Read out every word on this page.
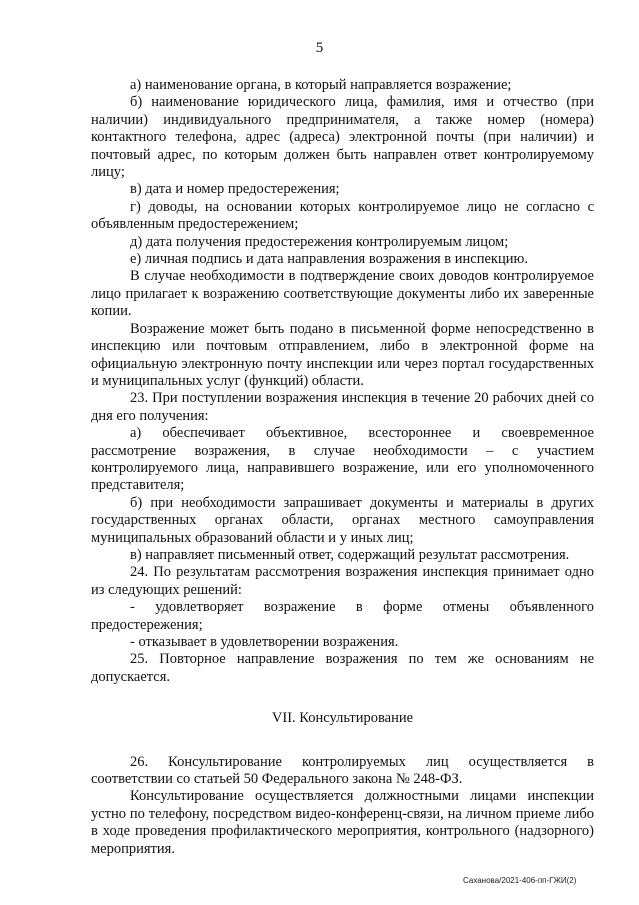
5

а) наименование органа, в который направляется возражение;

б) наименование юридического лица, фамилия, имя и отчество (при наличии) индивидуального предпринимателя, а также номер (номера) контактного телефона, адрес (адреса) электронной почты (при наличии) и почтовый адрес, по которым должен быть направлен ответ контролируемому лицу;

в) дата и номер предостережения;

г) доводы, на основании которых контролируемое лицо не согласно с объявленным предостережением;

д) дата получения предостережения контролируемым лицом;

е) личная подпись и дата направления возражения в инспекцию.

В случае необходимости в подтверждение своих доводов контролируемое лицо прилагает к возражению соответствующие документы либо их заверенные копии.

Возражение может быть подано в письменной форме непосредственно в инспекцию или почтовым отправлением, либо в электронной форме на официальную электронную почту инспекции или через портал государственных и муниципальных услуг (функций) области.

23. При поступлении возражения инспекция в течение 20 рабочих дней со дня его получения:

а) обеспечивает объективное, всестороннее и своевременное рассмотрение возражения, в случае необходимости – с участием контролируемого лица, направившего возражение, или его уполномоченного представителя;

б) при необходимости запрашивает документы и материалы в других государственных органах области, органах местного самоуправления муниципальных образований области и у иных лиц;

в) направляет письменный ответ, содержащий результат рассмотрения.

24. По результатам рассмотрения возражения инспекция принимает одно из следующих решений:

- удовлетворяет возражение в форме отмены объявленного предостережения;

- отказывает в удовлетворении возражения.

25. Повторное направление возражения по тем же основаниям не допускается.

VII. Консультирование

26. Консультирование контролируемых лиц осуществляется в соответствии со статьей 50 Федерального закона № 248-ФЗ.

Консультирование осуществляется должностными лицами инспекции устно по телефону, посредством видео-конференц-связи, на личном приеме либо в ходе проведения профилактического мероприятия, контрольного (надзорного) мероприятия.

Саханова/2021-406-пп-ГЖИ(2)
